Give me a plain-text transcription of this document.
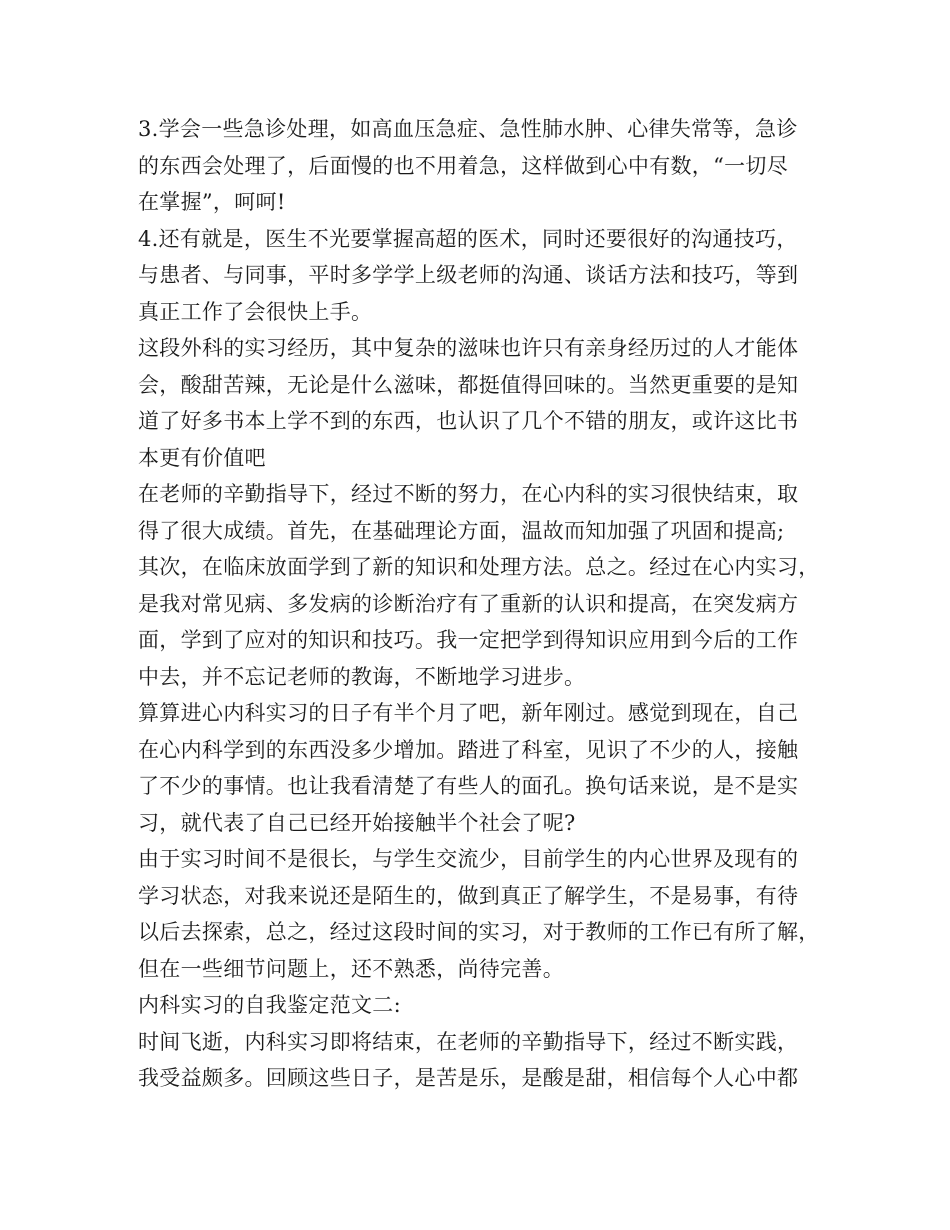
3.学会一些急诊处理，如高血压急症、急性肺水肿、心律失常等，急诊
的东西会处理了，后面慢的也不用着急，这样做到心中有数，“一切尽
在掌握”，呵呵!
4.还有就是，医生不光要掌握高超的医术，同时还要很好的沟通技巧，
与患者、与同事，平时多学学上级老师的沟通、谈话方法和技巧，等到
真正工作了会很快上手。
这段外科的实习经历，其中复杂的滋味也许只有亲身经历过的人才能体
会，酸甜苦辣，无论是什么滋味，都挺值得回味的。当然更重要的是知
道了好多书本上学不到的东西，也认识了几个不错的朋友，或许这比书
本更有价值吧
在老师的辛勤指导下，经过不断的努力，在心内科的实习很快结束，取
得了很大成绩。首先，在基础理论方面，温故而知加强了巩固和提高;
其次，在临床放面学到了新的知识和处理方法。总之。经过在心内实习，
是我对常见病、多发病的诊断治疗有了重新的认识和提高，在突发病方
面，学到了应对的知识和技巧。我一定把学到得知识应用到今后的工作
中去，并不忘记老师的教诲，不断地学习进步。
算算进心内科实习的日子有半个月了吧，新年刚过。感觉到现在，自己
在心内科学到的东西没多少增加。踏进了科室，见识了不少的人，接触
了不少的事情。也让我看清楚了有些人的面孔。换句话来说，是不是实
习，就代表了自己已经开始接触半个社会了呢?
由于实习时间不是很长，与学生交流少，目前学生的内心世界及现有的
学习状态，对我来说还是陌生的，做到真正了解学生，不是易事，有待
以后去探索，总之，经过这段时间的实习，对于教师的工作已有所了解，
但在一些细节问题上，还不熟悉，尚待完善。
内科实习的自我鉴定范文二:
时间飞逝，内科实习即将结束，在老师的辛勤指导下，经过不断实践，
我受益颇多。回顾这些日子，是苦是乐，是酸是甜，相信每个人心中都
